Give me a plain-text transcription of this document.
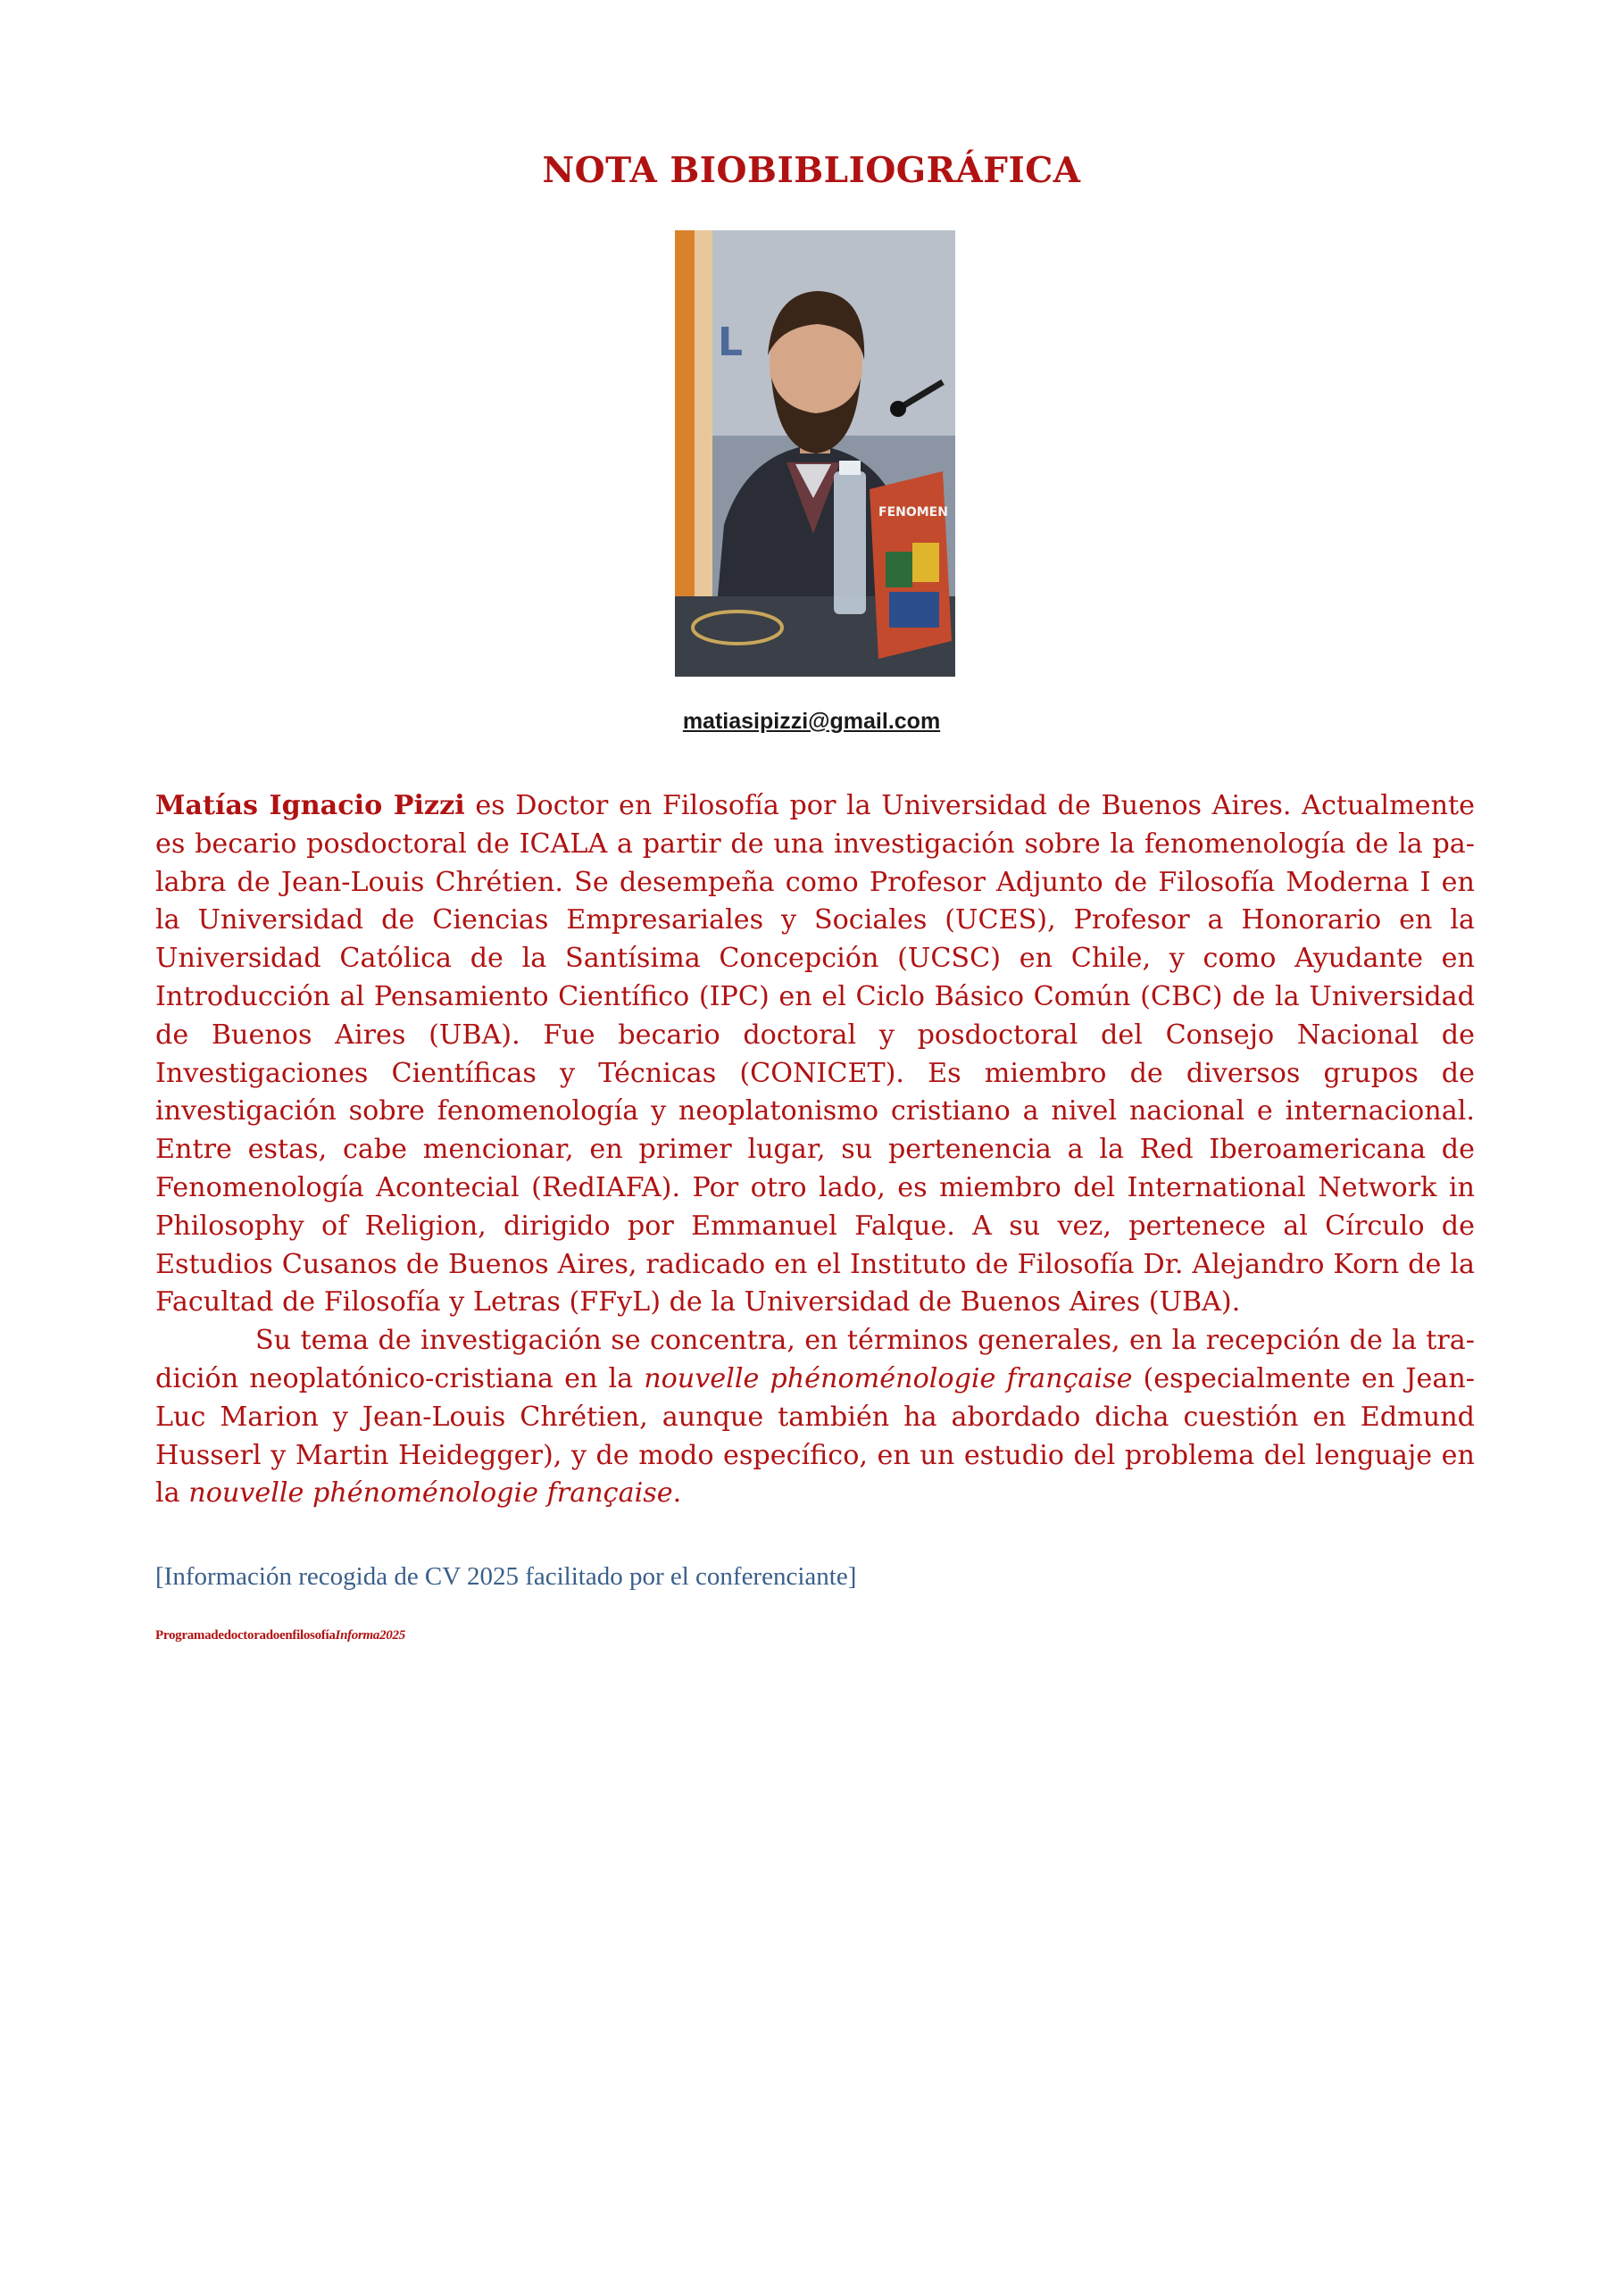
NOTA BIOBIBLIOGRÁFICA
L
FENOMEN
matiasipizzi@gmail.com

Matías Ignacio Pizzi es Doctor en Filosofía por la Universidad de Buenos Aires. Actualmente es becario posdoctoral de ICALA a partir de una investigación sobre la fenomenología de la palabra de Jean-Louis Chrétien. Se desempeña como Profesor Adjunto de Filosofía Moderna I en la Universidad de Ciencias Empresariales y Sociales (UCES), Profesor a Honorario en la Universidad Católica de la Santísima Concepción (UCSC) en Chile, y como Ayudante en Introducción al Pensamiento Científico (IPC) en el Ciclo Básico Común (CBC) de la Universidad de Buenos Aires (UBA). Fue becario doctoral y posdoctoral del Consejo Nacional de Investigaciones Científicas y Técnicas (CONICET). Es miembro de diversos grupos de investigación sobre fenomenología y neoplatonismo cristiano a nivel nacional e internacional. Entre estas, cabe mencionar, en primer lugar, su pertenencia a la Red Iberoamericana de Fenomenología Acontecial (RedIAFA). Por otro lado, es miembro del International Network in Philosophy of Religion, dirigido por Emmanuel Falque. A su vez, pertenece al Círculo de Estudios Cusanos de Buenos Aires, radicado en el Instituto de Filosofía Dr. Alejandro Korn de la Facultad de Filosofía y Letras (FFyL) de la Universidad de Buenos Aires (UBA).

Su tema de investigación se concentra, en términos generales, en la recepción de la tradición neoplatónico-cristiana en la nouvelle phénoménologie française (especialmente en Jean-Luc Marion y Jean-Louis Chrétien, aunque también ha abordado dicha cuestión en Edmund Husserl y Martin Heidegger), y de modo específico, en un estudio del problema del lenguaje en la nouvelle phénoménologie française.

[Información recogida de CV 2025 facilitado por el conferenciante]
ProgramadedoctoradoenfilosofíaInforma2025
